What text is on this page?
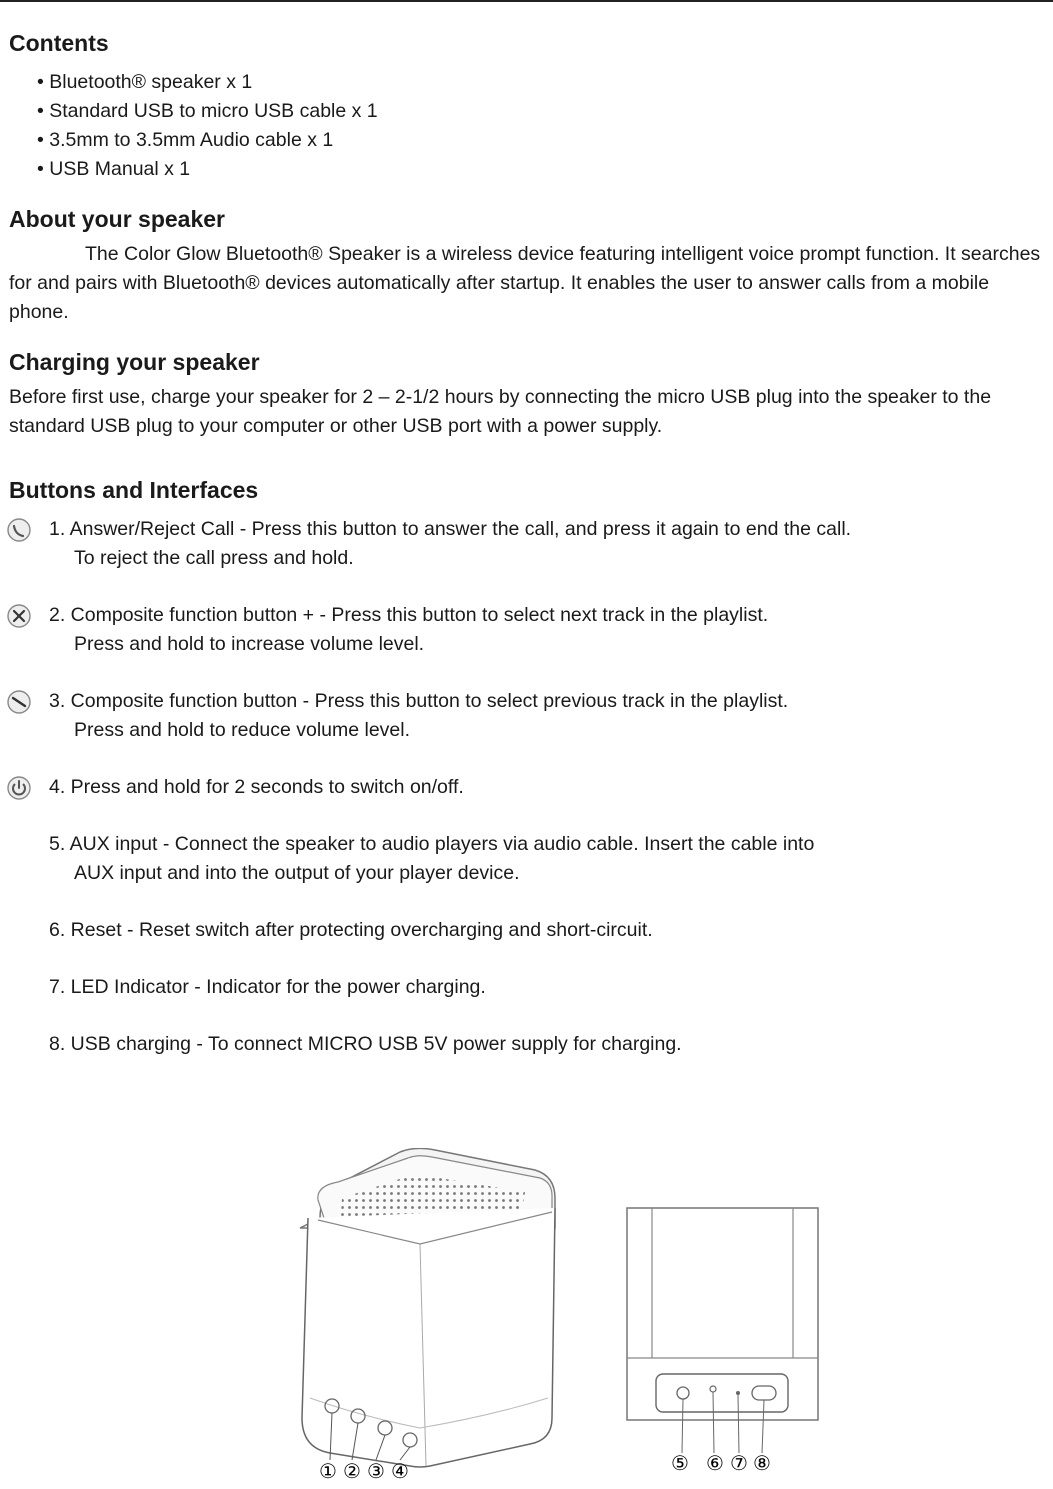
Contents
• Bluetooth® speaker x 1
• Standard USB to micro USB cable x 1
• 3.5mm to 3.5mm Audio cable x 1
• USB Manual x 1
About your speaker

The Color Glow Bluetooth® Speaker is a wireless device featuring intelligent voice prompt function. It searches for and pairs with Bluetooth® devices automatically after startup. It enables the user to answer calls from a mobile phone.

Charging your speaker

Before first use, charge your speaker for 2 – 2-1/2 hours by connecting the micro USB plug into the speaker to the standard USB plug to your computer or other USB port with a power supply.

Buttons and Interfaces
1. Answer/Reject Call - Press this button to answer the call, and press it again to end the call.
To reject the call press and hold.
2. Composite function button + - Press this button to select next track in the playlist.
Press and hold to increase volume level.
3. Composite function button - Press this button to select previous track in the playlist.
Press and hold to reduce volume level.
4. Press and hold for 2 seconds to switch on/off.
5. AUX input - Connect the speaker to audio players via audio cable. Insert the cable into
AUX input and into the output of your player device.
6. Reset - Reset switch after protecting overcharging and short-circuit.
7. LED Indicator - Indicator for the power charging.
8. USB charging - To connect MICRO USB 5V power supply for charging.
① ② ③ ④	⑤ ⑥ ⑦ ⑧
